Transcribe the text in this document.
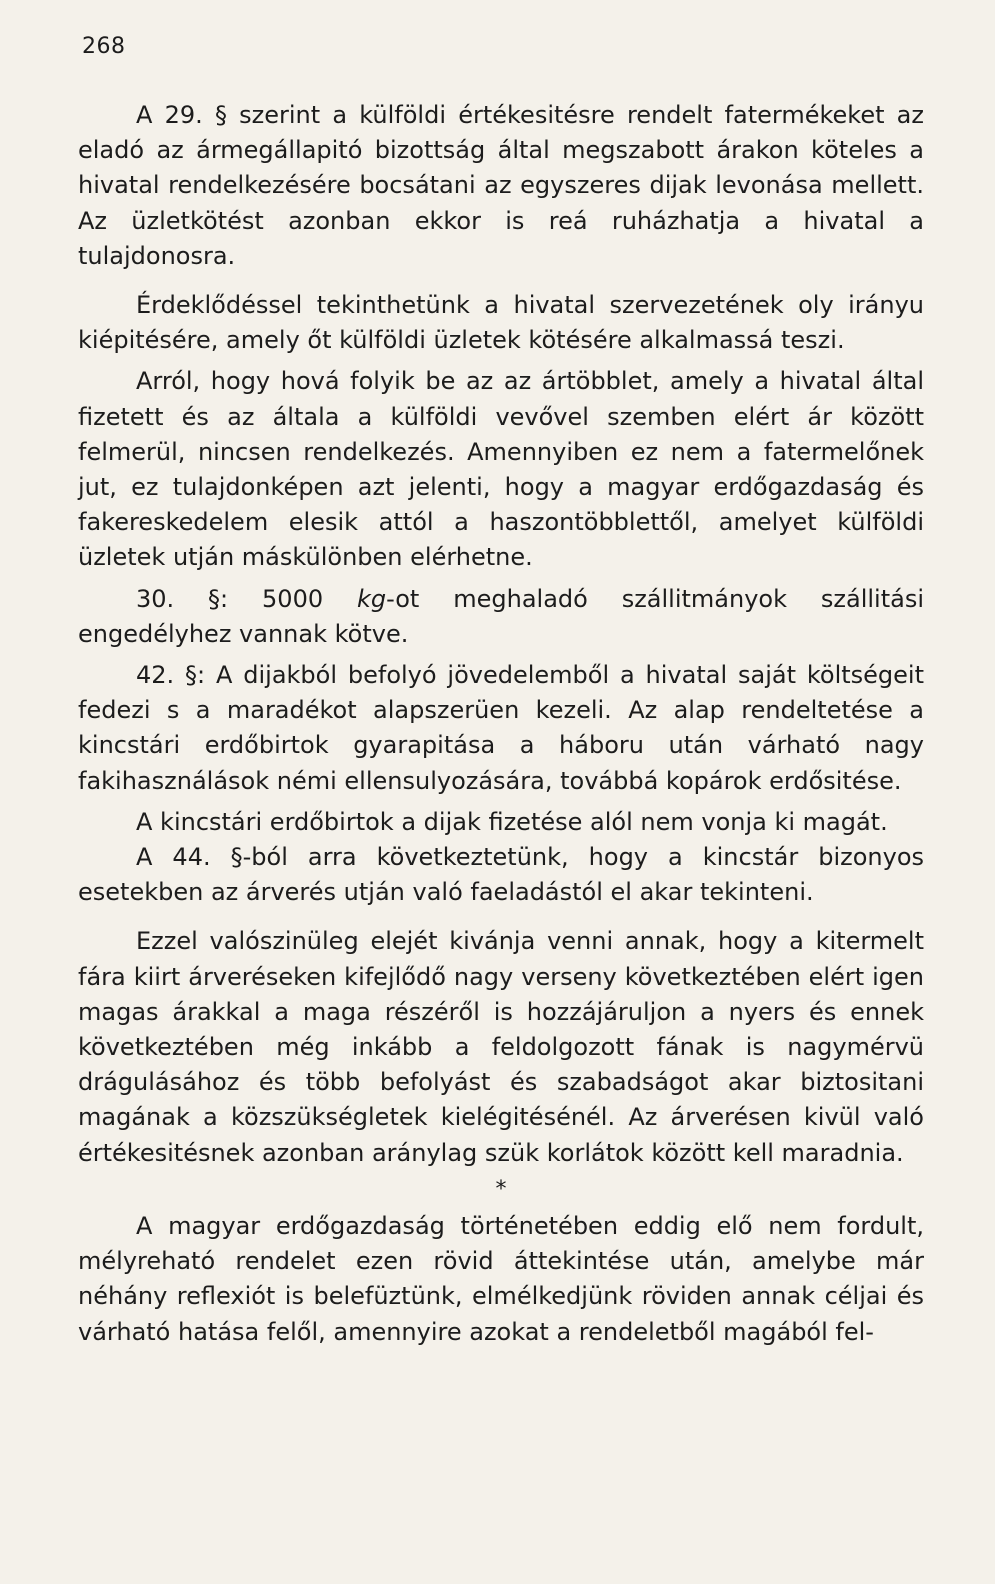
268

A 29. § szerint a külföldi értékesitésre rendelt fatermékeket az eladó az ármegállapitó bizottság által megszabott árakon köteles a hivatal rendelkezésére bocsátani az egyszeres dijak levonása mellett. Az üzletkötést azonban ekkor is reá ruházhatja a hivatal a tulajdonosra.

Érdeklődéssel tekinthetünk a hivatal szervezetének oly irányu kiépitésére, amely őt külföldi üzletek kötésére alkalmassá teszi.

Arról, hogy hová folyik be az az ártöbblet, amely a hivatal által fizetett és az általa a külföldi vevővel szemben elért ár között felmerül, nincsen rendelkezés. Amennyiben ez nem a fatermelőnek jut, ez tulajdonképen azt jelenti, hogy a magyar erdőgazdaság és fakereskedelem elesik attól a haszontöbblettől, amelyet külföldi üzletek utján máskülönben elérhetne.

30. §: 5000 kg-ot meghaladó szállitmányok szállitási engedélyhez vannak kötve.

42. §: A dijakból befolyó jövedelemből a hivatal saját költségeit fedezi s a maradékot alapszerüen kezeli. Az alap rendeltetése a kincstári erdőbirtok gyarapitása a háboru után várható nagy fakihasználások némi ellensulyozására, továbbá kopárok erdősitése.

A kincstári erdőbirtok a dijak fizetése alól nem vonja ki magát.

A 44. §-ból arra következtetünk, hogy a kincstár bizonyos esetekben az árverés utján való faeladástól el akar tekinteni.

Ezzel valószinüleg elejét kivánja venni annak, hogy a kitermelt fára kiirt árveréseken kifejlődő nagy verseny következtében elért igen magas árakkal a maga részéről is hozzájáruljon a nyers és ennek következtében még inkább a feldolgozott fának is nagymérvü drágulásához és több befolyást és szabadságot akar biztositani magának a közszükségletek kielégitésénél. Az árverésen kivül való értékesitésnek azonban aránylag szük korlátok között kell maradnia.

*

A magyar erdőgazdaság történetében eddig elő nem fordult, mélyreható rendelet ezen rövid áttekintése után, amelybe már néhány reflexiót is belefüztünk, elmélkedjünk röviden annak céljai és várható hatása felől, amennyire azokat a rendeletből magából fel-
